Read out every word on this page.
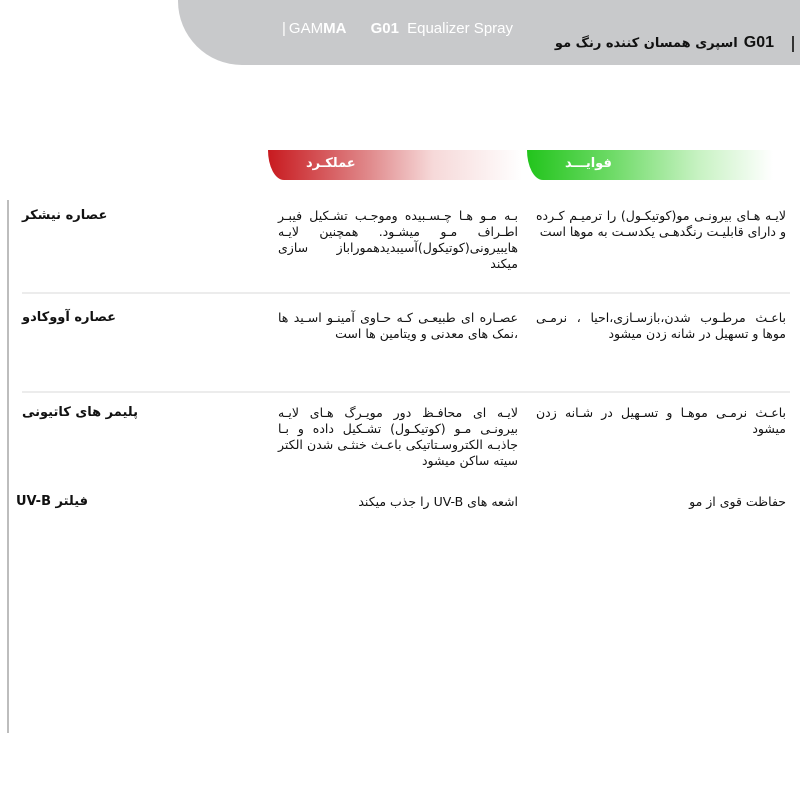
| GAMMA G01 Equalizer Spray
G01
اسپری همسان کننده رنگ مو
عملکـرد	فوایـــد
لایـه هـای بیرونـی مو(کوتیکـول) را ترمیـم کـرده و دارای قابلیـت رنگدهـی یکدسـت به موها است
بـه مـو هـا چـسـبیده وموجـب تشـكیل فیبـر اطـراف مـو میشـود. همچنین لایـه هایبیرونی(کوتیکول)آسیبدیدهموراباز سازی میکند
عصاره نیشکر
باعـث مرطـوب شدن،بازسـازی،احیا ، نرمـی موها و تسهیل در شانه زدن میشود
عصـاره ای طبیعـی کـه حـاوی آمینـو اسـید ها ،نمک های معدنی و ویتامین ها است
عصاره آووکادو
باعـث نرمـی موهـا و تسـهیل در شـانه زدن میشود
لایـه ای محافـظ دور مویـرگ هـای لایـه بیرونـی مـو (کوتیکـول) تشـکیل داده و بـا جاذبـه الکتروسـتاتیکی باعـث خنثـی شدن الکتر سیته ساکن میشود
پلیمر های کاتیونی
حفاظت قوی از مو
اشعه های UV-B را جذب میکند
فیلتر UV-B
